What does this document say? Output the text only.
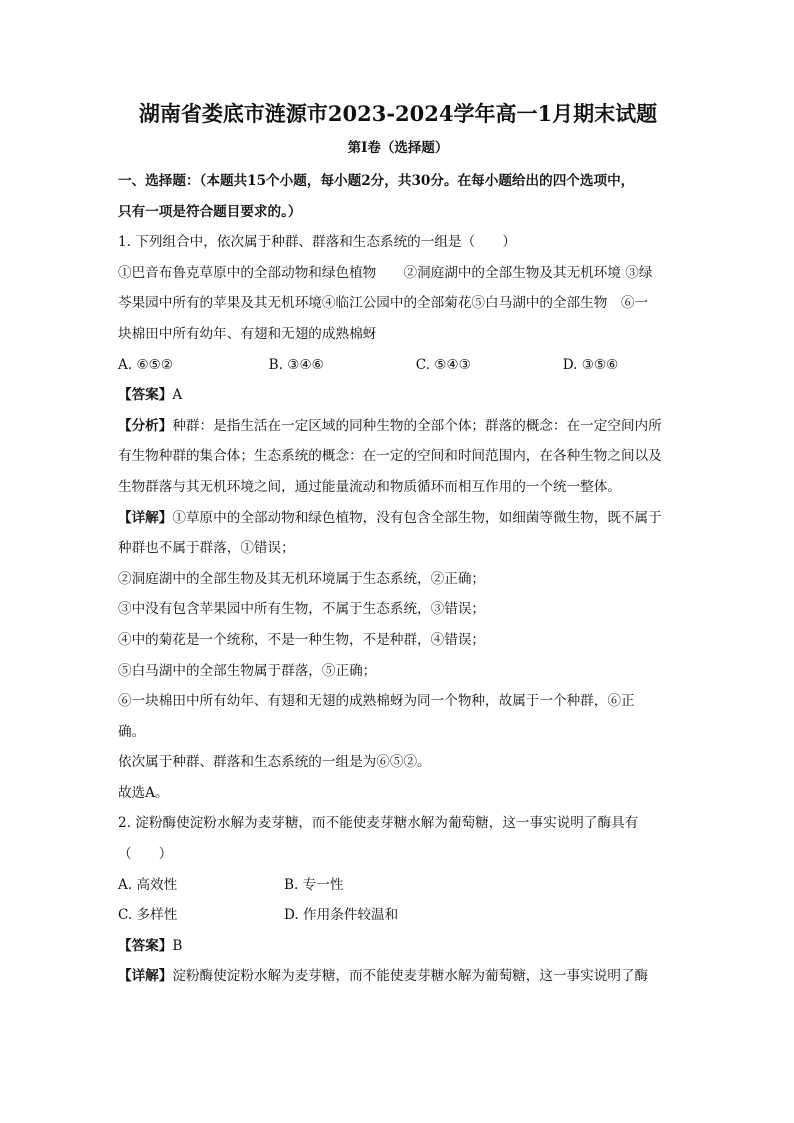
湖南省娄底市涟源市2023-2024学年高一1月期末试题
第I卷（选择题）
一、选择题：（本题共15个小题，每小题2分，共30分。在每小题给出的四个选项中，
只有一项是符合题目要求的。）
1. 下列组合中，依次属于种群、群落和生态系统的一组是（　　）
①巴音布鲁克草原中的全部动物和绿色植物　　②洞庭湖中的全部生物及其无机环境 ③绿
芩果园中所有的苹果及其无机环境④临江公园中的全部菊花⑤白马湖中的全部生物　⑥一
块棉田中所有幼年、有翅和无翅的成熟棉蚜
A. ⑥⑤②	B. ③④⑥	C. ⑤④③	D. ③⑤⑥
【答案】A
【分析】种群：是指生活在一定区域的同种生物的全部个体；群落的概念：在一定空间内所
有生物种群的集合体；生态系统的概念：在一定的空间和时间范围内，在各种生物之间以及
生物群落与其无机环境之间，通过能量流动和物质循环而相互作用的一个统一整体。
【详解】①草原中的全部动物和绿色植物，没有包含全部生物，如细菌等微生物，既不属于
种群也不属于群落，①错误；
②洞庭湖中的全部生物及其无机环境属于生态系统，②正确；
③中没有包含苹果园中所有生物，不属于生态系统，③错误；
④中的菊花是一个统称，不是一种生物，不是种群，④错误；
⑤白马湖中的全部生物属于群落，⑤正确；
⑥一块棉田中所有幼年、有翅和无翅的成熟棉蚜为同一个物种，故属于一个种群，⑥正
确。
依次属于种群、群落和生态系统的一组是为⑥⑤②。
故选A。
2. 淀粉酶使淀粉水解为麦芽糖，而不能使麦芽糖水解为葡萄糖，这一事实说明了酶具有
（　　）
A. 高效性	B. 专一性
C. 多样性	D. 作用条件较温和
【答案】B
【详解】淀粉酶使淀粉水解为麦芽糖，而不能使麦芽糖水解为葡萄糖，这一事实说明了酶
